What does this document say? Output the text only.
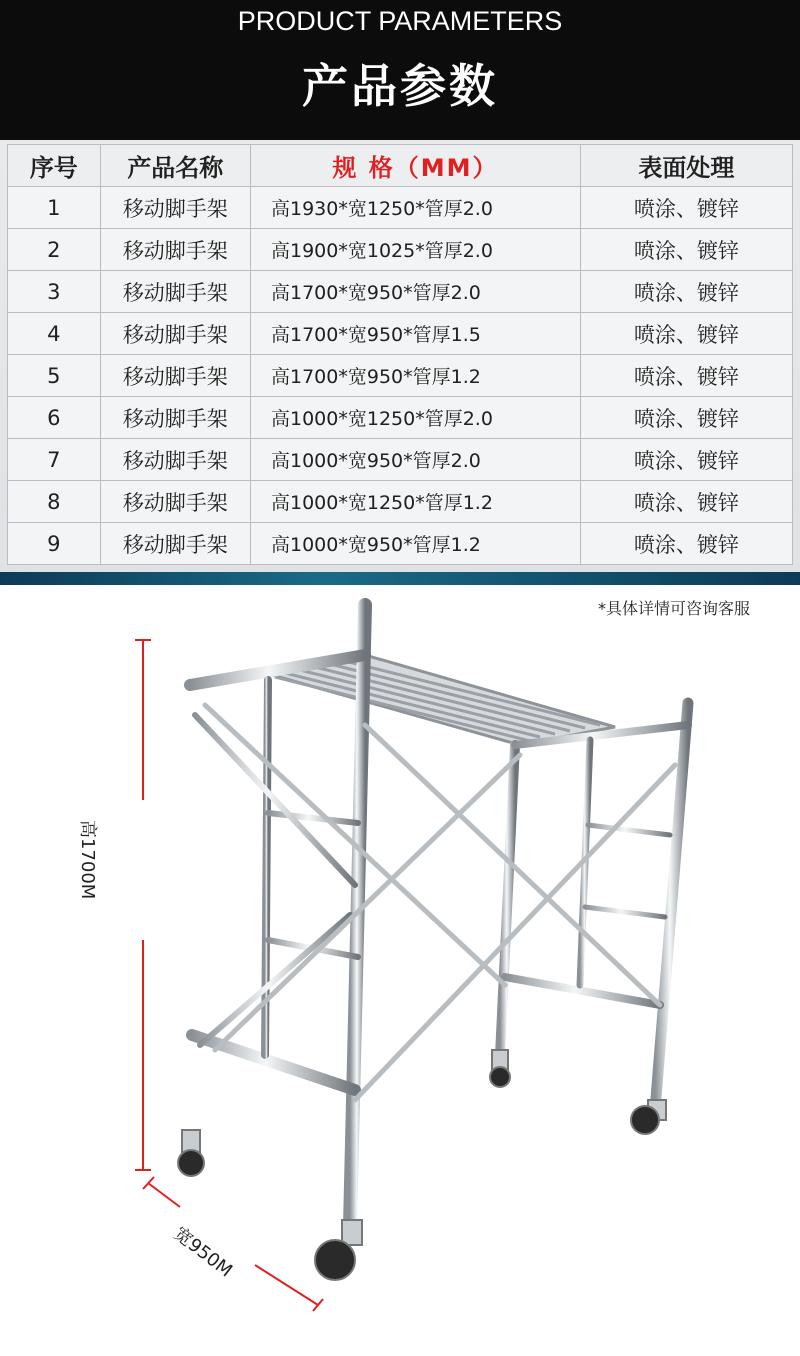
PRODUCT PARAMETERS
产品参数
序号	产品名称	规 格（MM）	表面处理
1	移动脚手架	高1930*宽1250*管厚2.0	喷涂、镀锌
2	移动脚手架	高1900*宽1025*管厚2.0	喷涂、镀锌
3	移动脚手架	高1700*宽950*管厚2.0	喷涂、镀锌
4	移动脚手架	高1700*宽950*管厚1.5	喷涂、镀锌
5	移动脚手架	高1700*宽950*管厚1.2	喷涂、镀锌
6	移动脚手架	高1000*宽1250*管厚2.0	喷涂、镀锌
7	移动脚手架	高1000*宽950*管厚2.0	喷涂、镀锌
8	移动脚手架	高1000*宽1250*管厚1.2	喷涂、镀锌
9	移动脚手架	高1000*宽950*管厚1.2	喷涂、镀锌
*具体详情可咨询客服
高1700M
宽950M
